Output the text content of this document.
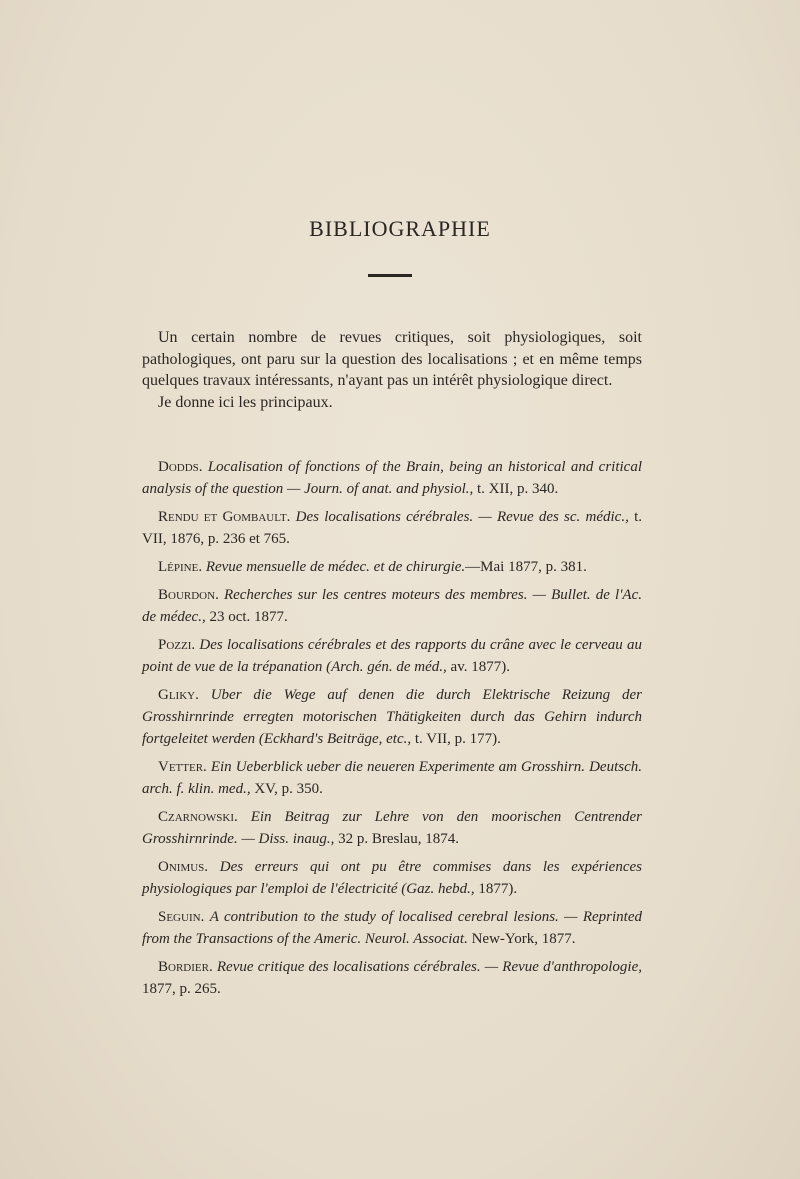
BIBLIOGRAPHIE

Un certain nombre de revues critiques, soit physiologiques, soit pathologiques, ont paru sur la question des localisations ; et en même temps quelques travaux intéressants, n'ayant pas un intérêt physiologique direct.

Je donne ici les principaux.

Dodds. Localisation of fonctions of the Brain, being an historical and critical analysis of the question — Journ. of anat. and physiol., t. XII, p. 340.

Rendu et Gombault. Des localisations cérébrales. — Revue des sc. médic., t. VII, 1876, p. 236 et 765.

Lépine. Revue mensuelle de médec. et de chirurgie.—Mai 1877, p. 381.

Bourdon. Recherches sur les centres moteurs des membres. — Bullet. de l'Ac. de médec., 23 oct. 1877.

Pozzi. Des localisations cérébrales et des rapports du crâne avec le cerveau au point de vue de la trépanation (Arch. gén. de méd., av. 1877).

Gliky. Uber die Wege auf denen die durch Elektrische Reizung der Grosshirnrinde erregten motorischen Thätigkeiten durch das Gehirn indurch fortgeleitet werden (Eckhard's Beiträge, etc., t. VII, p. 177).

Vetter. Ein Ueberblick ueber die neueren Experimente am Grosshirn. Deutsch. arch. f. klin. med., XV, p. 350.

Czarnowski. Ein Beitrag zur Lehre von den moorischen Centrender Grosshirnrinde. — Diss. inaug., 32 p. Breslau, 1874.

Onimus. Des erreurs qui ont pu être commises dans les expériences physiologiques par l'emploi de l'électricité (Gaz. hebd., 1877).

Seguin. A contribution to the study of localised cerebral lesions. — Reprinted from the Transactions of the Americ. Neurol. Associat. New-York, 1877.

Bordier. Revue critique des localisations cérébrales. — Revue d'anthropologie, 1877, p. 265.
